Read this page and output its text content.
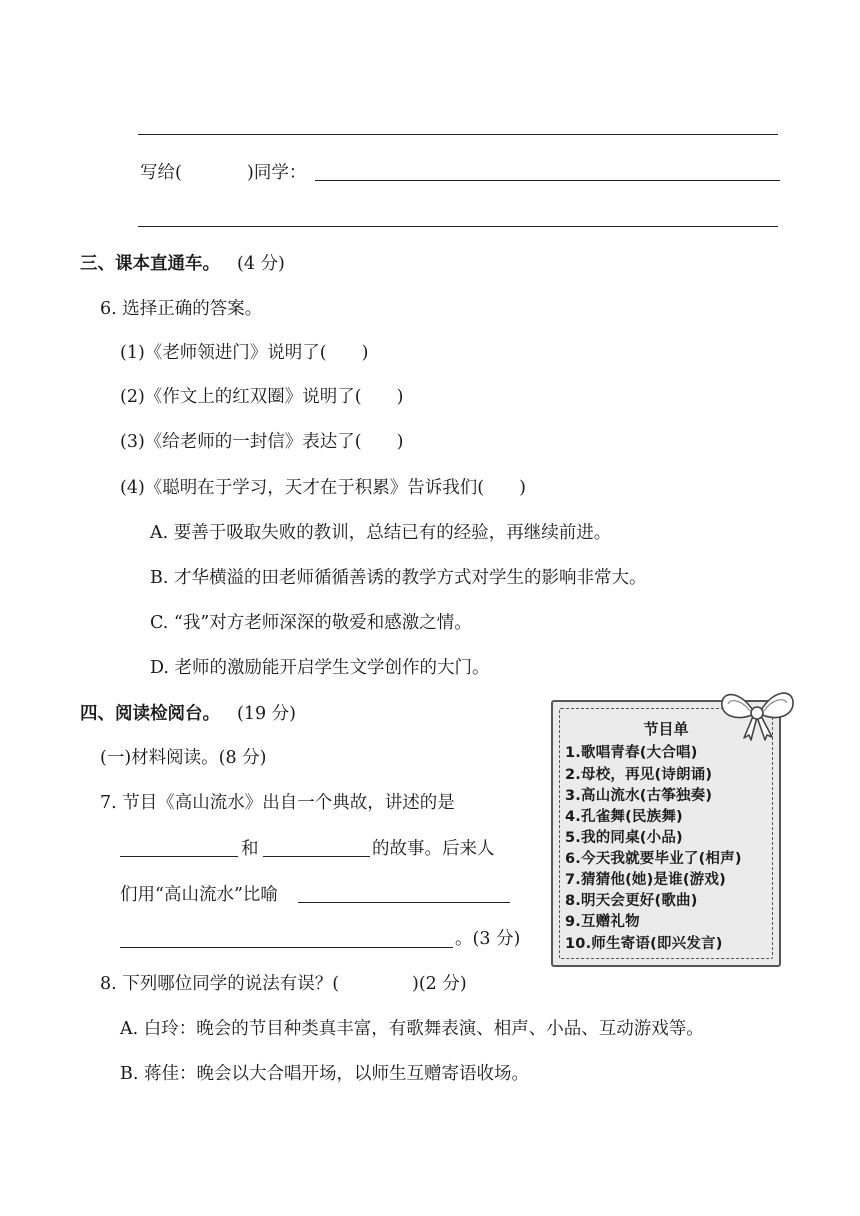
写给(	)同学：
三、课本直通车。 (4 分)
6. 选择正确的答案。
(1)《老师领进门》说明了(　　)
(2)《作文上的红双圈》说明了(　　)
(3)《给老师的一封信》表达了(　　)
(4)《聪明在于学习，天才在于积累》告诉我们(　　)
A. 要善于吸取失败的教训，总结已有的经验，再继续前进。
B. 才华横溢的田老师循循善诱的教学方式对学生的影响非常大。
C. “我”对方老师深深的敬爱和感激之情。
D. 老师的激励能开启学生文学创作的大门。
四、阅读检阅台。 (19 分)
(一)材料阅读。(8 分)
7. 节目《高山流水》出自一个典故，讲述的是
和	的故事。后来人
们用“高山流水”比喻
。(3 分)
8. 下列哪位同学的说法有误？(	)(2 分)
A. 白玲：晚会的节目种类真丰富，有歌舞表演、相声、小品、互动游戏等。
B. 蒋佳：晚会以大合唱开场，以师生互赠寄语收场。
节目单
1.歌唱青春(大合唱)
2.母校，再见(诗朗诵)
3.高山流水(古筝独奏)
4.孔雀舞(民族舞)
5.我的同桌(小品)
6.今天我就要毕业了(相声)
7.猜猜他(她)是谁(游戏)
8.明天会更好(歌曲)
9.互赠礼物
10.师生寄语(即兴发言)
